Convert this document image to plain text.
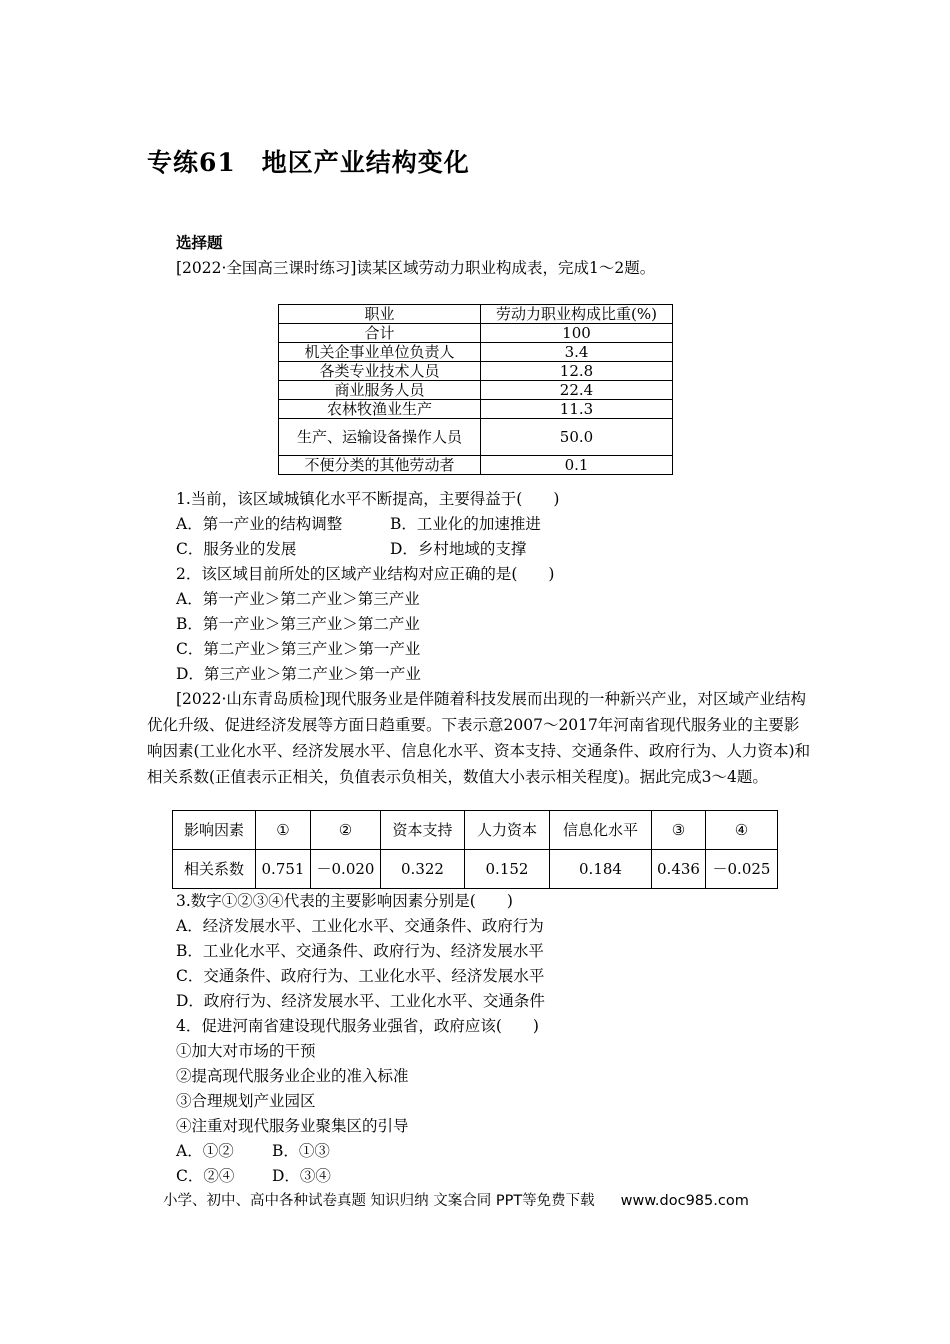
专练61　地区产业结构变化
选择题
[2022·全国高三课时练习]读某区域劳动力职业构成表，完成1～2题。
职业	劳动力职业构成比重(%)
合计	100
机关企事业单位负责人	3.4
各类专业技术人员	12.8
商业服务人员	22.4
农林牧渔业生产	11.3
生产、运输设备操作人员	50.0
不便分类的其他劳动者	0.1
1.当前，该区域城镇化水平不断提高，主要得益于(　　)
A．第一产业的结构调整	B．工业化的加速推进
C．服务业的发展	D．乡村地域的支撑
2．该区域目前所处的区域产业结构对应正确的是(　　)
A．第一产业＞第二产业＞第三产业
B．第一产业＞第三产业＞第二产业
C．第二产业＞第三产业＞第一产业
D．第三产业＞第二产业＞第一产业

[2022·山东青岛质检]现代服务业是伴随着科技发展而出现的一种新兴产业，对区域产业结构优化升级、促进经济发展等方面日趋重要。下表示意2007～2017年河南省现代服务业的主要影响因素(工业化水平、经济发展水平、信息化水平、资本支持、交通条件、政府行为、人力资本)和相关系数(正值表示正相关，负值表示负相关，数值大小表示相关程度)。据此完成3～4题。

影响因素	①	②	资本支持	人力资本	信息化水平	③	④
相关系数	0.751	－0.020	0.322	0.152	0.184	0.436	－0.025
3.数字①②③④代表的主要影响因素分别是(　　)
A．经济发展水平、工业化水平、交通条件、政府行为
B．工业化水平、交通条件、政府行为、经济发展水平
C．交通条件、政府行为、工业化水平、经济发展水平
D．政府行为、经济发展水平、工业化水平、交通条件
4．促进河南省建设现代服务业强省，政府应该(　　)
①加大对市场的干预
②提高现代服务业企业的准入标准
③合理规划产业园区
④注重对现代服务业聚集区的引导
A．①② B．①③
C．②④ D．③④
小学、初中、高中各种试卷真题 知识归纳 文案合同 PPT等免费下载 www.doc985.com
